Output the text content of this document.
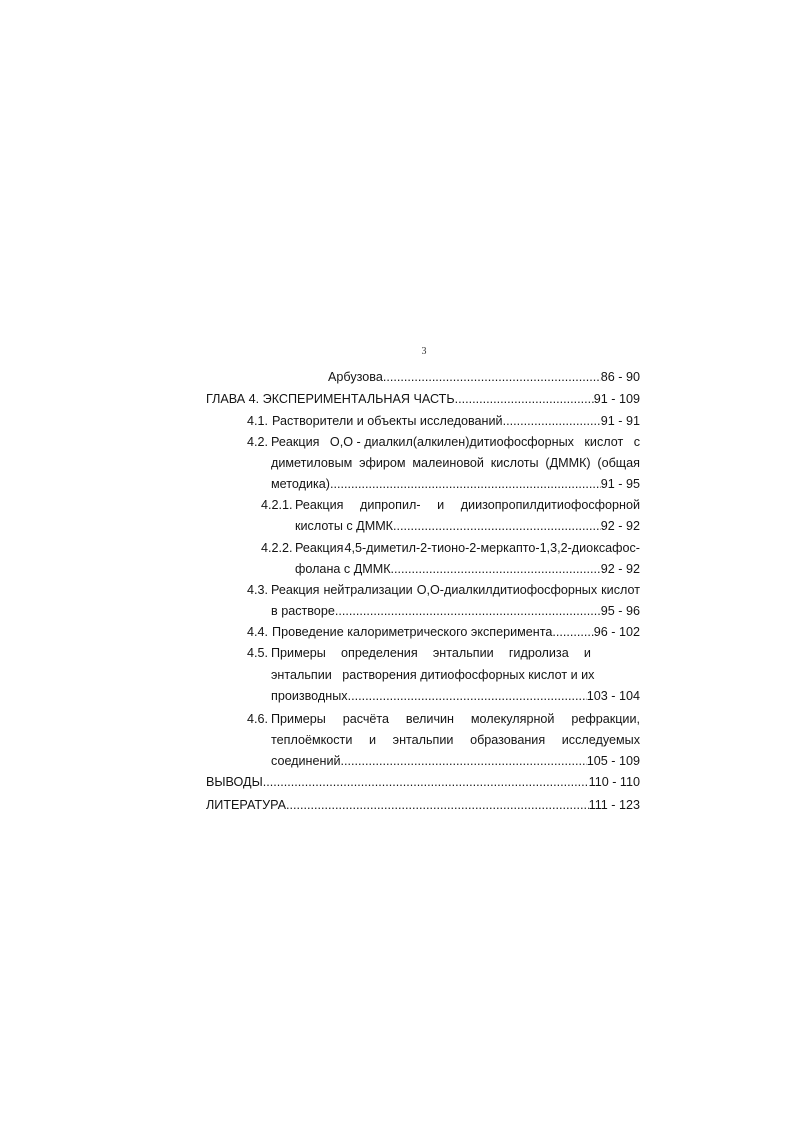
3
Арбузова .....	86 - 90
ГЛАВА 4. ЭКСПЕРИМЕНТАЛЬНАЯ ЧАСТЬ .....	91 - 109
4.1. Растворители и объекты исследований .....	91 - 91
4.2. Реакция О,О - диалкил(алкилен)дитиофосфорных кислот с
диметиловым эфиром малеиновой кислоты (ДММК) (общая
методика) .....	91 - 95
4.2.1. Реакция дипропил- и диизопропилдитиофосфорной
кислоты с ДММК .....	92 - 92
4.2.2. Реакция 4,5-диметил-2-тионо-2-меркапто-1,3,2-диоксафос-
фолана с ДММК .....	92 - 92
4.3. Реакция нейтрализации О,О-диалкилдитиофосфорных кислот
в растворе .....	95 - 96
4.4. Проведение калориметрического эксперимента .....	96 - 102
4.5. Примеры определения энтальпии гидролиза и
энтальпии   растворения дитиофосфорных кислот и их
производных .....	103 - 104
4.6. Примеры расчёта величин молекулярной рефракции,
теплоёмкости и энтальпии образования исследуемых
соединений .....	105 - 109
ВЫВОДЫ .....	110 - 110
ЛИТЕРАТУРА .....	111 - 123
